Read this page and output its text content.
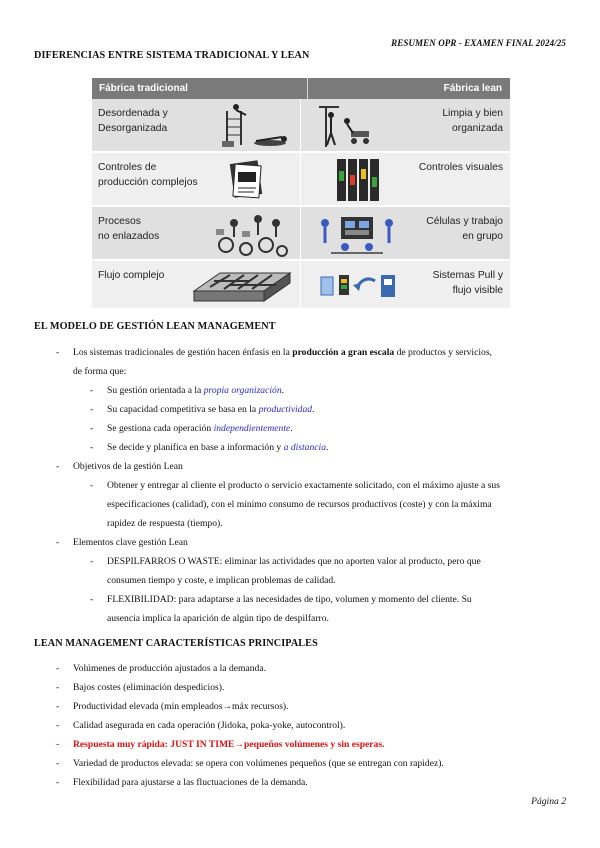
RESUMEN OPR - EXAMEN FINAL 2024/25
DIFERENCIAS ENTRE SISTEMA TRADICIONAL Y LEAN
Fábrica tradicional	Fábrica lean
Desordenada y
Desorganizada
Limpia y bien
organizada
Controles de
producción complejos
Controles visuales
Procesos
no enlazados
Células y trabajo
en grupo
Flujo complejo	Sistemas Pull y
flujo visible
EL MODELO DE GESTIÓN LEAN MANAGEMENT
- Los sistemas tradicionales de gestión hacen énfasis en la producción a gran escala de productos y servicios,
de forma que:
- Su gestión orientada a la propia organización.
- Su capacidad competitiva se basa en la productividad.
- Se gestiona cada operación independientemente.
- Se decide y planifica en base a información y a distancia.
- Objetivos de la gestión Lean
- Obtener y entregar al cliente el producto o servicio exactamente solicitado, con el máximo ajuste a sus
especificaciones (calidad), con el mínimo consumo de recursos productivos (coste) y con la máxima
rapidez de respuesta (tiempo).
- Elementos clave gestión Lean
- DESPILFARROS O WASTE: eliminar las actividades que no aporten valor al producto, pero que
consumen tiempo y coste, e implican problemas de calidad.
- FLEXIBILIDAD: para adaptarse a las necesidades de tipo, volumen y momento del cliente. Su
ausencia implica la aparición de algún tipo de despilfarro.
LEAN MANAGEMENT CARACTERÍSTICAS PRINCIPALES
- Volúmenes de producción ajustados a la demanda.
- Bajos costes (eliminación despedicios).
- Productividad elevada (mín empleados→máx recursos).
- Calidad asegurada en cada operación (Jidoka, poka-yoke, autocontrol).
- Respuesta muy rápida: JUST IN TIME→pequeños volúmenes y sin esperas.
- Variedad de productos elevada: se opera con volúmenes pequeños (que se entregan con rapidez).
- Flexibilidad para ajustarse a las fluctuaciones de la demanda.
Página 2
